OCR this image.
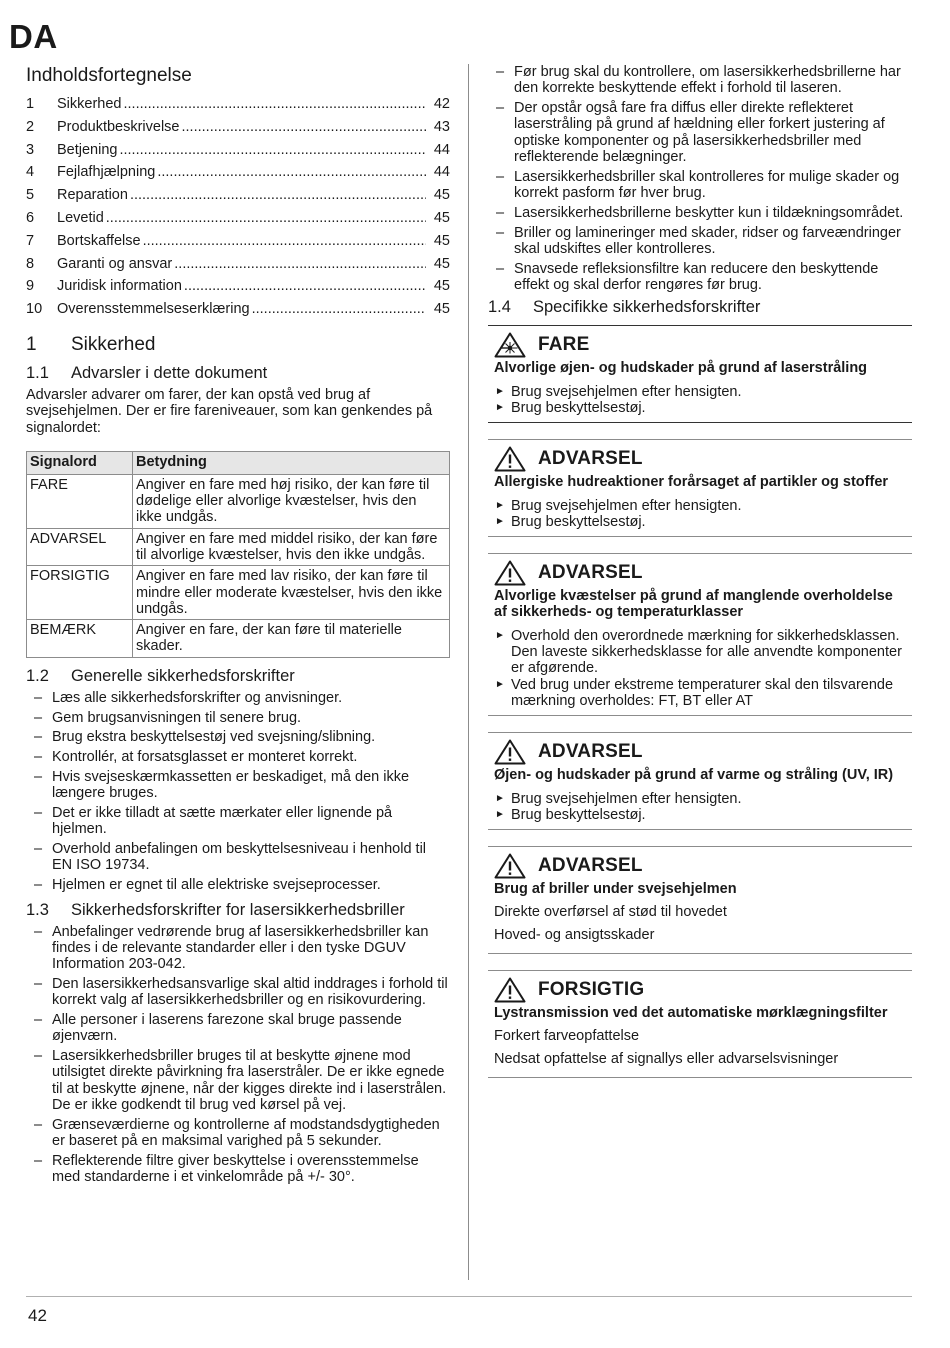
DA
42
Indholdsfortegnelse
1	Sikkerhed .....	42
2	Produktbeskrivelse .....	43
3	Betjening .....	44
4	Fejlafhjælpning .....	44
5	Reparation .....	45
6	Levetid .....	45
7	Bortskaffelse .....	45
8	Garanti og ansvar .....	45
9	Juridisk information .....	45
10	Overensstemmelseserklæring .....	45
1	Sikkerhed
1.1	Advarsler i dette dokument

Advarsler advarer om farer, der kan opstå ved brug af svejsehjelmen. Der er fire fareniveauer, som kan genkendes på signalordet:

Signalord	Betydning
FARE	Angiver en fare med høj risiko, der kan føre til dødelige eller alvorlige kvæstelser, hvis den ikke undgås.
ADVARSEL	Angiver en fare med middel risiko, der kan føre til alvorlige kvæstelser, hvis den ikke undgås.
FORSIGTIG	Angiver en fare med lav risiko, der kan føre til mindre eller moderate kvæstelser, hvis den ikke undgås.
BEMÆRK	Angiver en fare, der kan føre til materielle skader.
1.2	Generelle sikkerhedsforskrifter
– Læs alle sikkerhedsforskrifter og anvisninger.
– Gem brugsanvisningen til senere brug.
– Brug ekstra beskyttelsestøj ved svejsning/slibning.
– Kontrollér, at forsatsglasset er monteret korrekt.
– Hvis svejseskærmkassetten er beskadiget, må den ikke længere bruges.
– Det er ikke tilladt at sætte mærkater eller lignende på hjelmen.
– Overhold anbefalingen om beskyttelsesniveau i henhold til EN ISO 19734.
– Hjelmen er egnet til alle elektriske svejseprocesser.
1.3	Sikkerhedsforskrifter for lasersikkerhedsbriller
– Anbefalinger vedrørende brug af lasersikkerhedsbriller kan findes i de relevante standarder eller i den tyske DGUV Information 203-042.
– Den lasersikkerhedsansvarlige skal altid inddrages i forhold til korrekt valg af lasersikkerhedsbriller og en risikovurdering.
– Alle personer i laserens farezone skal bruge passende øjenværn.
– Lasersikkerhedsbriller bruges til at beskytte øjnene mod utilsigtet direkte påvirkning fra laserstråler. De er ikke egnede til at beskytte øjnene, når der kigges direkte ind i laserstrålen. De er ikke godkendt til brug ved kørsel på vej.
– Grænseværdierne og kontrollerne af modstandsdygtigheden er baseret på en maksimal varighed på 5 sekunder.
– Reflekterende filtre giver beskyttelse i overensstemmelse med standarderne i et vinkelområde på +/- 30°.
– Før brug skal du kontrollere, om lasersikkerhedsbrillerne har den korrekte beskyttende effekt i forhold til laseren.
– Der opstår også fare fra diffus eller direkte reflekteret laserstråling på grund af hældning eller forkert justering af optiske komponenter og på lasersikkerhedsbriller med reflekterende belægninger.
– Lasersikkerhedsbriller skal kontrolleres for mulige skader og korrekt pasform før hver brug.
– Lasersikkerhedsbrillerne beskytter kun i tildækningsområdet.
– Briller og lamineringer med skader, ridser og farveændringer skal udskiftes eller kontrolleres.
– Snavsede refleksionsfiltre kan reducere den beskyttende effekt og skal derfor rengøres før brug.
1.4	Specifikke sikkerhedsforskrifter
FARE
Alvorlige øjen- og hudskader på grund af laserstråling
► Brug svejsehjelmen efter hensigten.
► Brug beskyttelsestøj.
ADVARSEL
Allergiske hudreaktioner forårsaget af partikler og stoffer
► Brug svejsehjelmen efter hensigten.
► Brug beskyttelsestøj.
ADVARSEL
Alvorlige kvæstelser på grund af manglende overholdelse af sikkerheds- og temperaturklasser
► Overhold den overordnede mærkning for sikkerhedsklassen. Den laveste sikkerhedsklasse for alle anvendte komponenter er afgørende.
► Ved brug under ekstreme temperaturer skal den tilsvarende mærkning overholdes: FT, BT eller AT
ADVARSEL
Øjen- og hudskader på grund af varme og stråling (UV, IR)
► Brug svejsehjelmen efter hensigten.
► Brug beskyttelsestøj.
ADVARSEL
Brug af briller under svejsehjelmen
Direkte overførsel af stød til hovedet
Hoved- og ansigtsskader
FORSIGTIG
Lystransmission ved det automatiske mørklægningsfilter
Forkert farveopfattelse
Nedsat opfattelse af signallys eller advarselsvisninger
